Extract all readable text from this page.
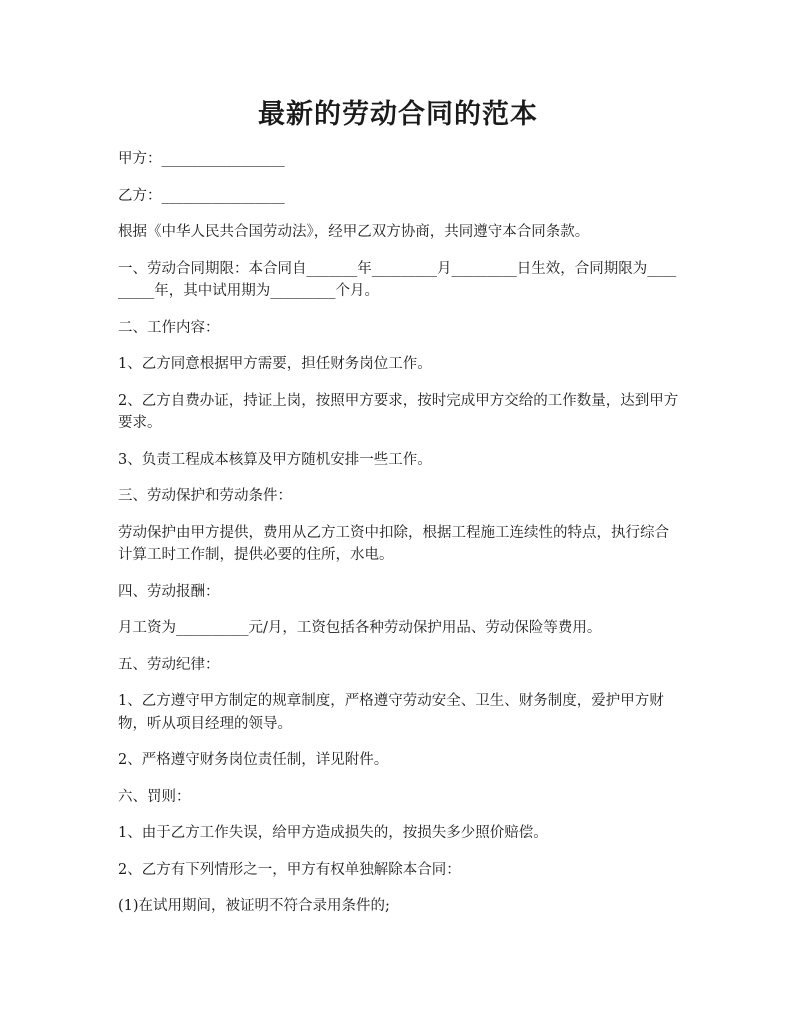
最新的劳动合同的范本

甲方：_________________

乙方：_________________

根据《中华人民共合国劳动法》，经甲乙双方协商，共同遵守本合同条款。

一、劳动合同期限：本合同自_______年_________月_________日生效，合同期限为_________年，其中试用期为_________个月。

二、工作内容：

1、乙方同意根据甲方需要，担任财务岗位工作。

2、乙方自费办证，持证上岗，按照甲方要求，按时完成甲方交给的工作数量，达到甲方要求。

3、负责工程成本核算及甲方随机安排一些工作。

三、劳动保护和劳动条件：

劳动保护由甲方提供，费用从乙方工资中扣除，根据工程施工连续性的特点，执行综合计算工时工作制，提供必要的住所，水电。

四、劳动报酬：

月工资为__________元/月，工资包括各种劳动保护用品、劳动保险等费用。

五、劳动纪律：

1、乙方遵守甲方制定的规章制度，严格遵守劳动安全、卫生、财务制度，爱护甲方财物，听从项目经理的领导。

2、严格遵守财务岗位责任制，详见附件。

六、罚则：

1、由于乙方工作失误，给甲方造成损失的，按损失多少照价赔偿。

2、乙方有下列情形之一，甲方有权单独解除本合同：

(1)在试用期间，被证明不符合录用条件的;
